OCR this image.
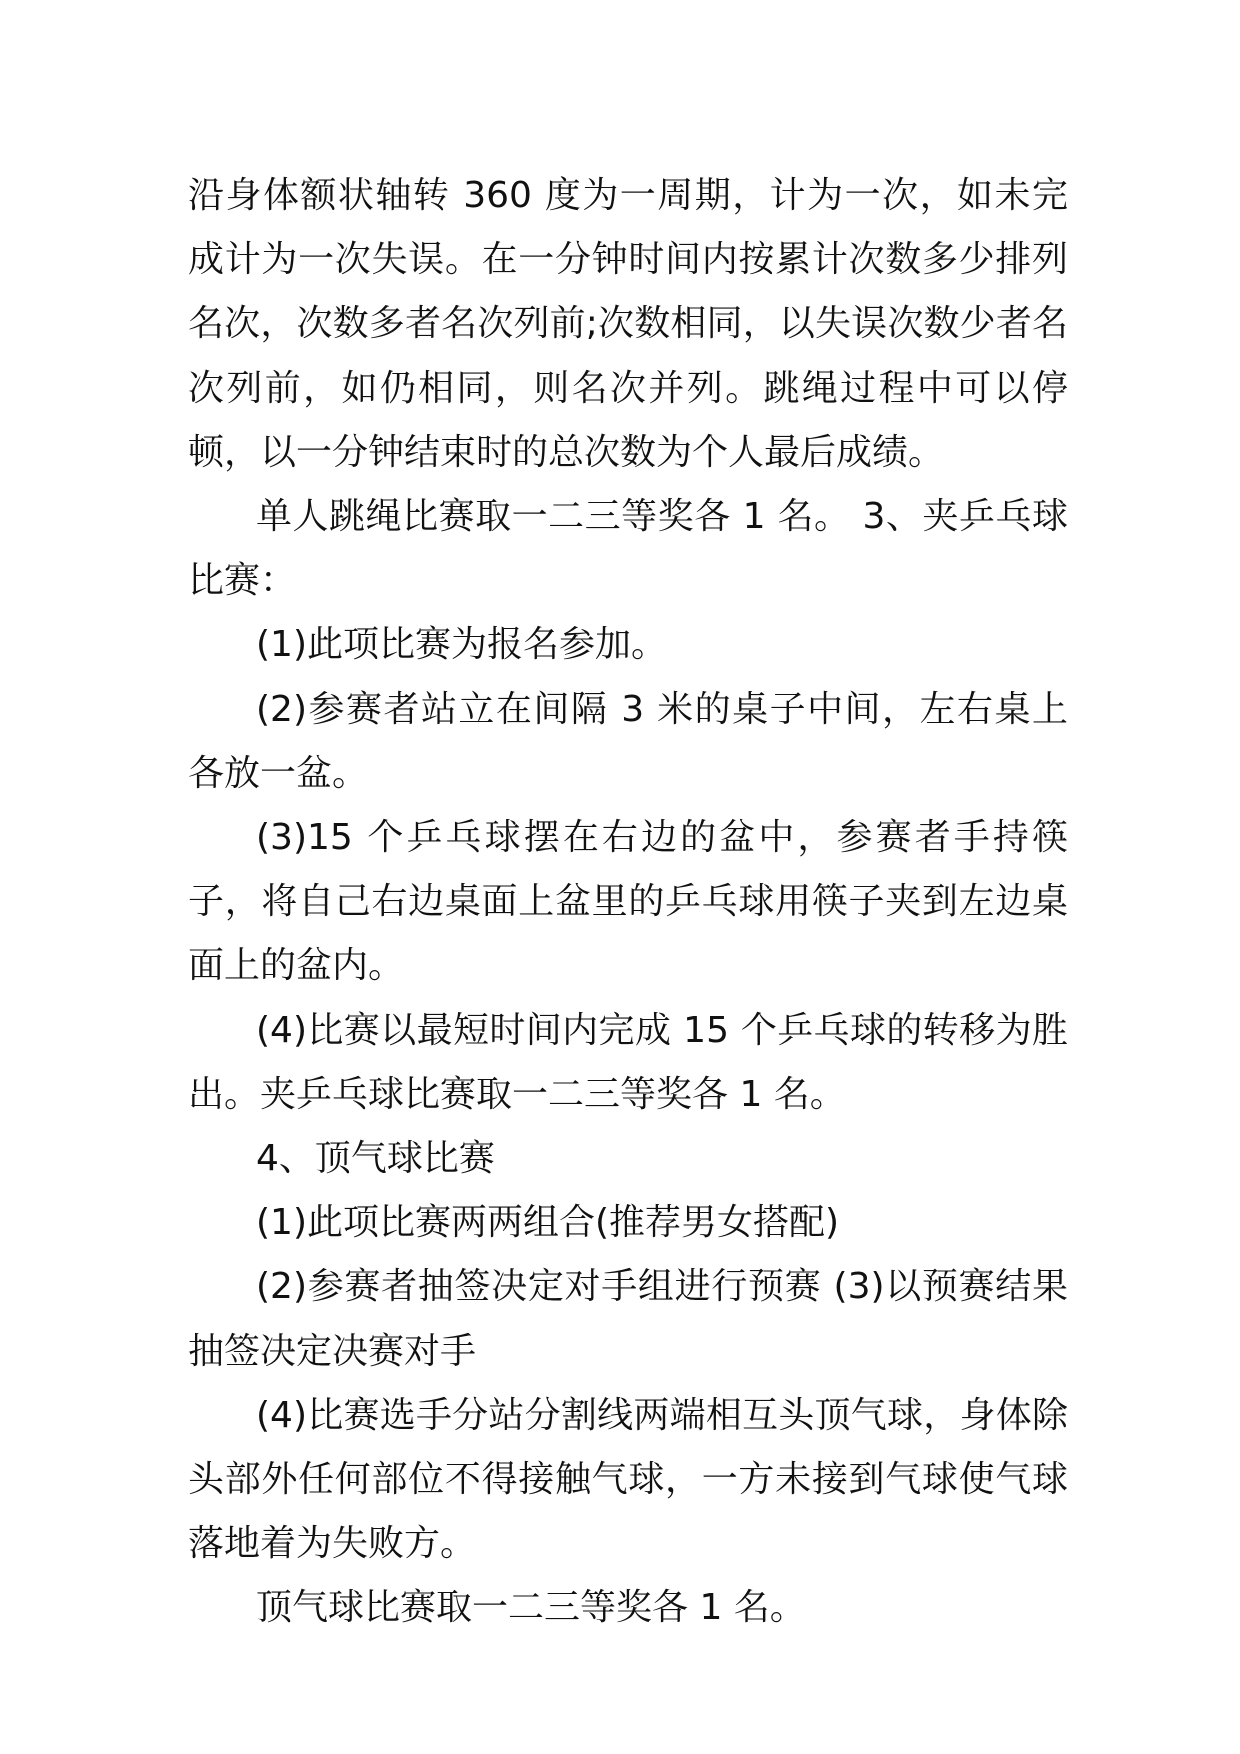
沿身体额状轴转 360 度为一周期，计为一次，如未完成计为一次失误。在一分钟时间内按累计次数多少排列名次，次数多者名次列前;次数相同，以失误次数少者名次列前，如仍相同，则名次并列。跳绳过程中可以停顿，以一分钟结束时的总次数为个人最后成绩。

单人跳绳比赛取一二三等奖各 1 名。 3、夹乒乓球比赛：

(1)此项比赛为报名参加。

(2)参赛者站立在间隔 3 米的桌子中间，左右桌上各放一盆。

(3)15 个乒乓球摆在右边的盆中，参赛者手持筷子，将自己右边桌面上盆里的乒乓球用筷子夹到左边桌面上的盆内。

(4)比赛以最短时间内完成 15 个乒乓球的转移为胜出。夹乒乓球比赛取一二三等奖各 1 名。

4、顶气球比赛

(1)此项比赛两两组合(推荐男女搭配)

(2)参赛者抽签决定对手组进行预赛 (3)以预赛结果抽签决定决赛对手

(4)比赛选手分站分割线两端相互头顶气球，身体除头部外任何部位不得接触气球，一方未接到气球使气球落地着为失败方。

顶气球比赛取一二三等奖各 1 名。
